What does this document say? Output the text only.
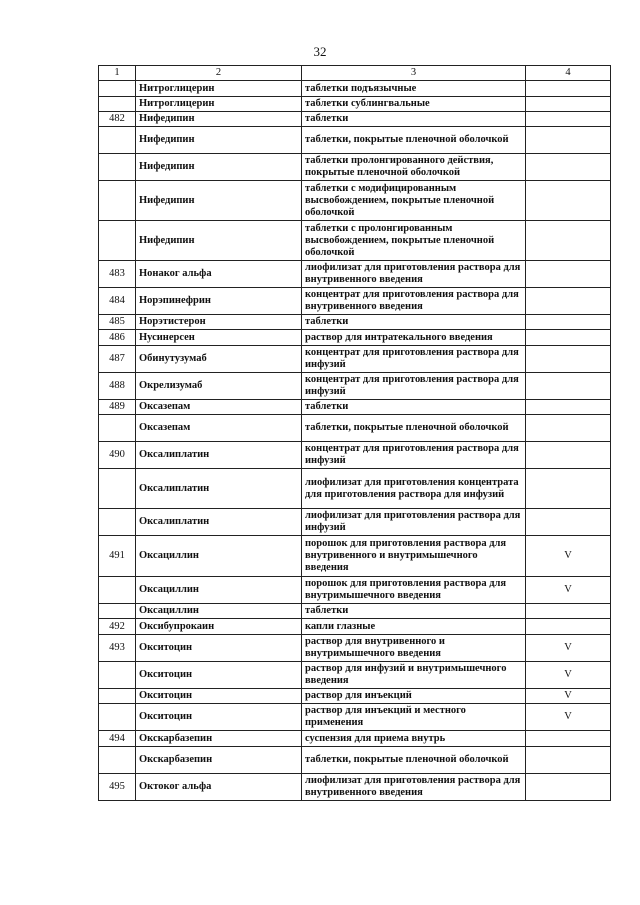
32
1	2	3	4
	Нитроглицерин	таблетки подъязычные	
	Нитроглицерин	таблетки сублингвальные	
482	Нифедипин	таблетки	
	Нифедипин	таблетки, покрытые пленочной оболочкой	
	Нифедипин	таблетки пролонгированного действия, покрытые пленочной оболочкой	
	Нифедипин	таблетки с модифицированным высвобождением, покрытые пленочной оболочкой	
	Нифедипин	таблетки с пролонгированным высвобождением, покрытые пленочной оболочкой	
483	Нонаког альфа	лиофилизат для приготовления раствора для внутривенного введения	
484	Норэпинефрин	концентрат для приготовления раствора для внутривенного введения	
485	Норэтистерон	таблетки	
486	Нусинерсен	раствор для интратекального введения	
487	Обинутузумаб	концентрат для приготовления раствора для инфузий	
488	Окрелизумаб	концентрат для приготовления раствора для инфузий	
489	Оксазепам	таблетки	
	Оксазепам	таблетки, покрытые пленочной оболочкой	
490	Оксалиплатин	концентрат для приготовления раствора для инфузий	
	Оксалиплатин	лиофилизат для приготовления концентрата для приготовления раствора для инфузий	
	Оксалиплатин	лиофилизат для приготовления раствора для инфузий	
491	Оксациллин	порошок для приготовления раствора для внутривенного и внутримышечного введения	V
	Оксациллин	порошок для приготовления раствора для внутримышечного введения	V
	Оксациллин	таблетки	
492	Оксибупрокаин	капли глазные	
493	Окситоцин	раствор для внутривенного и внутримышечного введения	V
	Окситоцин	раствор для инфузий и внутримышечного введения	V
	Окситоцин	раствор для инъекций	V
	Окситоцин	раствор для инъекций и местного применения	V
494	Окскарбазепин	суспензия для приема внутрь	
	Окскарбазепин	таблетки, покрытые пленочной оболочкой	
495	Октоког альфа	лиофилизат для приготовления раствора для внутривенного введения	
